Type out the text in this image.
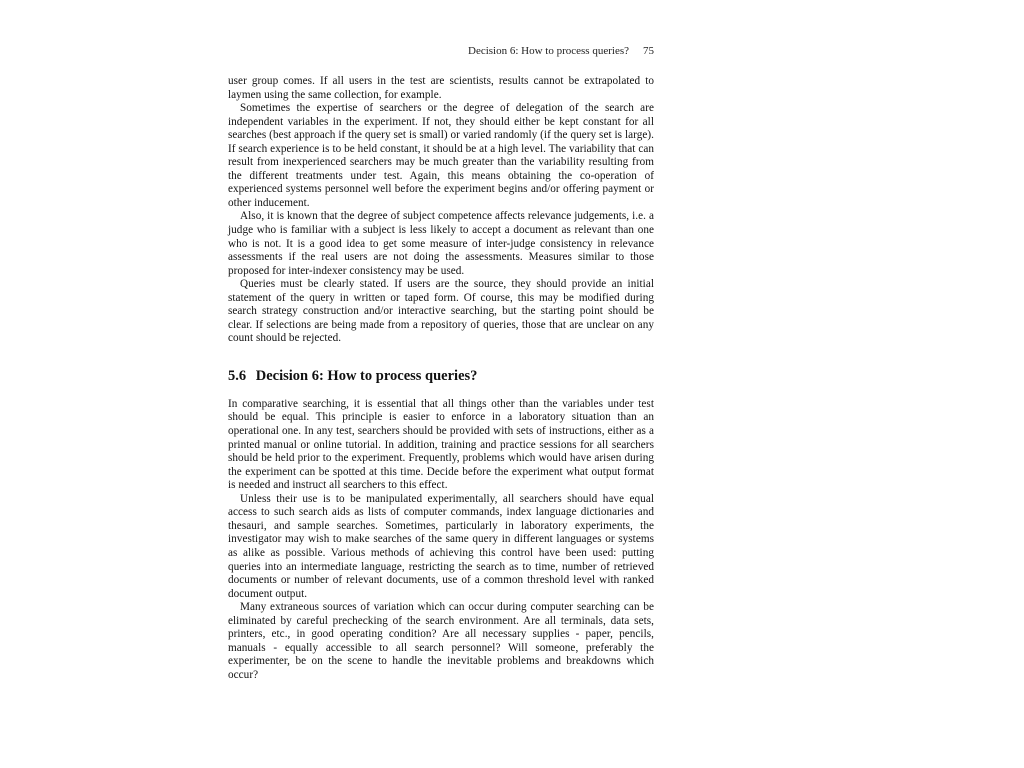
Decision 6: How to process queries? 75

user group comes. If all users in the test are scientists, results cannot be extrapolated to laymen using the same collection, for example.

Sometimes the expertise of searchers or the degree of delegation of the search are independent variables in the experiment. If not, they should either be kept constant for all searches (best approach if the query set is small) or varied randomly (if the query set is large). If search experience is to be held constant, it should be at a high level. The variability that can result from inexperienced searchers may be much greater than the variability resulting from the different treatments under test. Again, this means obtaining the co-operation of experienced systems personnel well before the experiment begins and/or offering payment or other inducement.

Also, it is known that the degree of subject competence affects relevance judgements, i.e. a judge who is familiar with a subject is less likely to accept a document as relevant than one who is not. It is a good idea to get some measure of inter-judge consistency in relevance assessments if the real users are not doing the assessments. Measures similar to those proposed for inter-indexer consistency may be used.

Queries must be clearly stated. If users are the source, they should provide an initial statement of the query in written or taped form. Of course, this may be modified during search strategy construction and/or interactive searching, but the starting point should be clear. If selections are being made from a repository of queries, those that are unclear on any count should be rejected.

5.6 Decision 6: How to process queries?

In comparative searching, it is essential that all things other than the variables under test should be equal. This principle is easier to enforce in a laboratory situation than an operational one. In any test, searchers should be provided with sets of instructions, either as a printed manual or online tutorial. In addition, training and practice sessions for all searchers should be held prior to the experiment. Frequently, problems which would have arisen during the experiment can be spotted at this time. Decide before the experiment what output format is needed and instruct all searchers to this effect.

Unless their use is to be manipulated experimentally, all searchers should have equal access to such search aids as lists of computer commands, index language dictionaries and thesauri, and sample searches. Sometimes, particularly in laboratory experiments, the investigator may wish to make searches of the same query in different languages or systems as alike as possible. Various methods of achieving this control have been used: putting queries into an intermediate language, restricting the search as to time, number of retrieved documents or number of relevant documents, use of a common threshold level with ranked document output.

Many extraneous sources of variation which can occur during computer searching can be eliminated by careful prechecking of the search environment. Are all terminals, data sets, printers, etc., in good operating condition? Are all necessary supplies - paper, pencils, manuals - equally accessible to all search personnel? Will someone, preferably the experimenter, be on the scene to handle the inevitable problems and breakdowns which occur?
